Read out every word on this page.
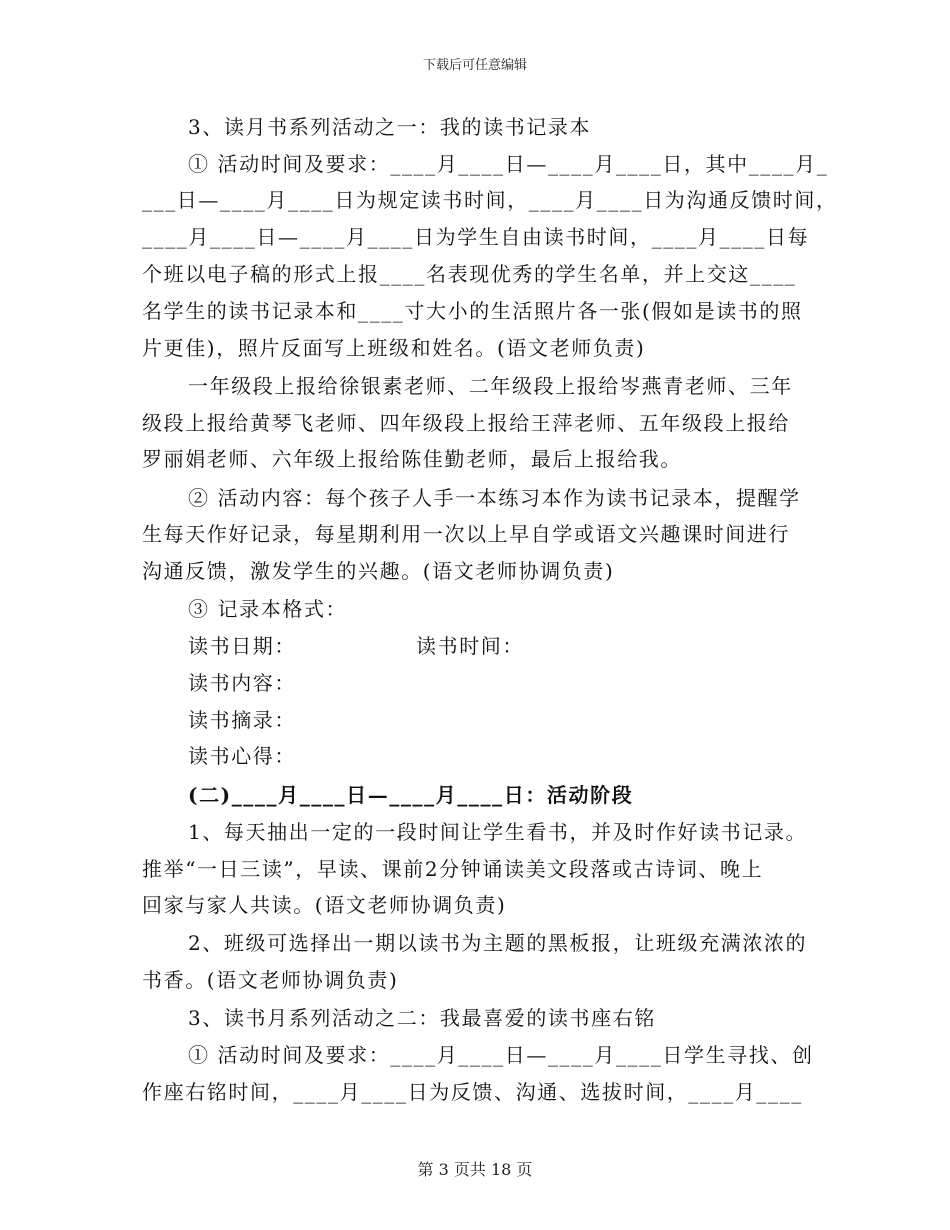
下载后可任意编辑
3、读月书系列活动之一：我的读书记录本
① 活动时间及要求：____月____日—____月____日，其中____月_
___日—____月____日为规定读书时间，____月____日为沟通反馈时间，
____月____日—____月____日为学生自由读书时间，____月____日每
个班以电子稿的形式上报____名表现优秀的学生名单，并上交这____
名学生的读书记录本和____寸大小的生活照片各一张(假如是读书的照
片更佳)，照片反面写上班级和姓名。(语文老师负责)
一年级段上报给徐银素老师、二年级段上报给岑燕青老师、三年
级段上报给黄琴飞老师、四年级段上报给王萍老师、五年级段上报给
罗丽娟老师、六年级上报给陈佳勤老师，最后上报给我。
② 活动内容：每个孩子人手一本练习本作为读书记录本，提醒学
生每天作好记录，每星期利用一次以上早自学或语文兴趣课时间进行
沟通反馈，激发学生的兴趣。(语文老师协调负责)
③ 记录本格式：
读书日期：	读书时间：
读书内容：
读书摘录：
读书心得：
(二)____月____日—____月____日：活动阶段
1、每天抽出一定的一段时间让学生看书，并及时作好读书记录。
推举“一日三读”，早读、课前2分钟诵读美文段落或古诗词、晚上
回家与家人共读。(语文老师协调负责)
2、班级可选择出一期以读书为主题的黑板报，让班级充满浓浓的
书香。(语文老师协调负责)
3、读书月系列活动之二：我最喜爱的读书座右铭
① 活动时间及要求：____月____日—____月____日学生寻找、创
作座右铭时间，____月____日为反馈、沟通、选拔时间，____月____
第 3 页共 18 页
